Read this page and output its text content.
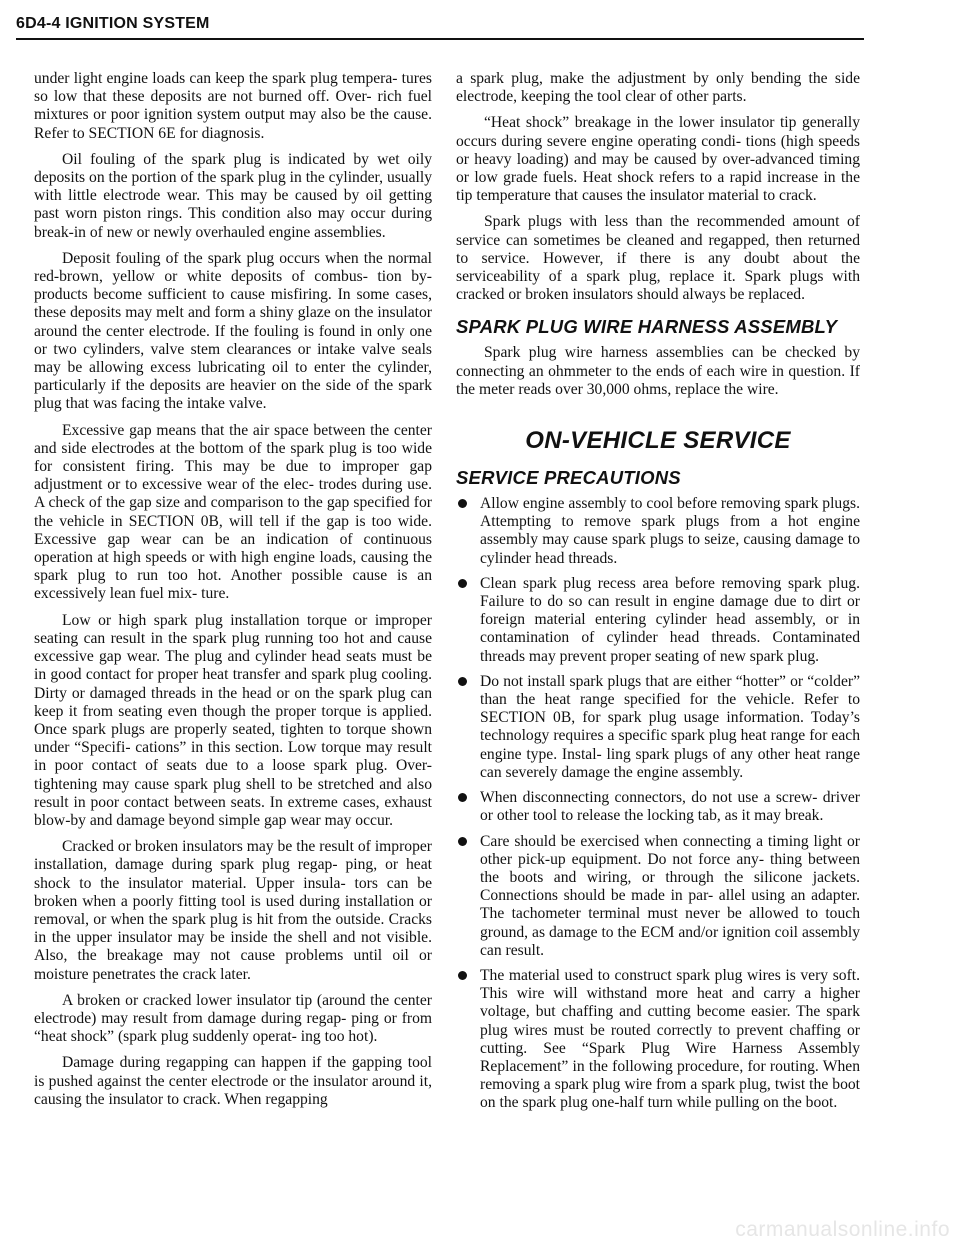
6D4-4 IGNITION SYSTEM

under light engine loads can keep the spark plug tempera- tures so low that these deposits are not burned off. Over- rich fuel mixtures or poor ignition system output may also be the cause. Refer to SECTION 6E for diagnosis.

Oil fouling of the spark plug is indicated by wet oily deposits on the portion of the spark plug in the cylinder, usually with little electrode wear. This may be caused by oil getting past worn piston rings. This condition also may occur during break-in of new or newly overhauled engine assemblies.

Deposit fouling of the spark plug occurs when the normal red-brown, yellow or white deposits of combus- tion by-products become sufficient to cause misfiring. In some cases, these deposits may melt and form a shiny glaze on the insulator around the center electrode. If the fouling is found in only one or two cylinders, valve stem clearances or intake valve seals may be allowing excess lubricating oil to enter the cylinder, particularly if the deposits are heavier on the side of the spark plug that was facing the intake valve.

Excessive gap means that the air space between the center and side electrodes at the bottom of the spark plug is too wide for consistent firing. This may be due to improper gap adjustment or to excessive wear of the elec- trodes during use. A check of the gap size and comparison to the gap specified for the vehicle in SECTION 0B, will tell if the gap is too wide. Excessive gap wear can be an indication of continuous operation at high speeds or with high engine loads, causing the spark plug to run too hot. Another possible cause is an excessively lean fuel mix- ture.

Low or high spark plug installation torque or improper seating can result in the spark plug running too hot and cause excessive gap wear. The plug and cylinder head seats must be in good contact for proper heat transfer and spark plug cooling. Dirty or damaged threads in the head or on the spark plug can keep it from seating even though the proper torque is applied. Once spark plugs are properly seated, tighten to torque shown under “Specifi- cations” in this section. Low torque may result in poor contact of seats due to a loose spark plug. Over-tightening may cause spark plug shell to be stretched and also result in poor contact between seats. In extreme cases, exhaust blow-by and damage beyond simple gap wear may occur.

Cracked or broken insulators may be the result of improper installation, damage during spark plug regap- ping, or heat shock to the insulator material. Upper insula- tors can be broken when a poorly fitting tool is used during installation or removal, or when the spark plug is hit from the outside. Cracks in the upper insulator may be inside the shell and not visible. Also, the breakage may not cause problems until oil or moisture penetrates the crack later.

A broken or cracked lower insulator tip (around the center electrode) may result from damage during regap- ping or from “heat shock” (spark plug suddenly operat- ing too hot).

Damage during regapping can happen if the gapping tool is pushed against the center electrode or the insulator around it, causing the insulator to crack. When regapping

a spark plug, make the adjustment by only bending the side electrode, keeping the tool clear of other parts.

“Heat shock” breakage in the lower insulator tip generally occurs during severe engine operating condi- tions (high speeds or heavy loading) and may be caused by over-advanced timing or low grade fuels. Heat shock refers to a rapid increase in the tip temperature that causes the insulator material to crack.

Spark plugs with less than the recommended amount of service can sometimes be cleaned and regapped, then returned to service. However, if there is any doubt about the serviceability of a spark plug, replace it. Spark plugs with cracked or broken insulators should always be replaced.

SPARK PLUG WIRE HARNESS ASSEMBLY

Spark plug wire harness assemblies can be checked by connecting an ohmmeter to the ends of each wire in question. If the meter reads over 30,000 ohms, replace the wire.

ON-VEHICLE SERVICE
SERVICE PRECAUTIONS
Allow engine assembly to cool before removing spark plugs. Attempting to remove spark plugs from a hot engine assembly may cause spark plugs to seize, causing damage to cylinder head threads.
Clean spark plug recess area before removing spark plug. Failure to do so can result in engine damage due to dirt or foreign material entering cylinder head assembly, or in contamination of cylinder head threads. Contaminated threads may prevent proper seating of new spark plug.
Do not install spark plugs that are either “hotter” or “colder” than the heat range specified for the vehicle. Refer to SECTION 0B, for spark plug usage information. Today’s technology requires a specific spark plug heat range for each engine type. Instal- ling spark plugs of any other heat range can severely damage the engine assembly.
When disconnecting connectors, do not use a screw- driver or other tool to release the locking tab, as it may break.
Care should be exercised when connecting a timing light or other pick-up equipment. Do not force any- thing between the boots and wiring, or through the silicone jackets. Connections should be made in par- allel using an adapter. The tachometer terminal must never be allowed to touch ground, as damage to the ECM and/or ignition coil assembly can result.
The material used to construct spark plug wires is very soft. This wire will withstand more heat and carry a higher voltage, but chaffing and cutting become easier. The spark plug wires must be routed correctly to prevent chaffing or cutting. See “Spark Plug Wire Harness Assembly Replacement” in the following procedure, for routing. When removing a spark plug wire from a spark plug, twist the boot on the spark plug one-half turn while pulling on the boot.
carmanualsonline.info
